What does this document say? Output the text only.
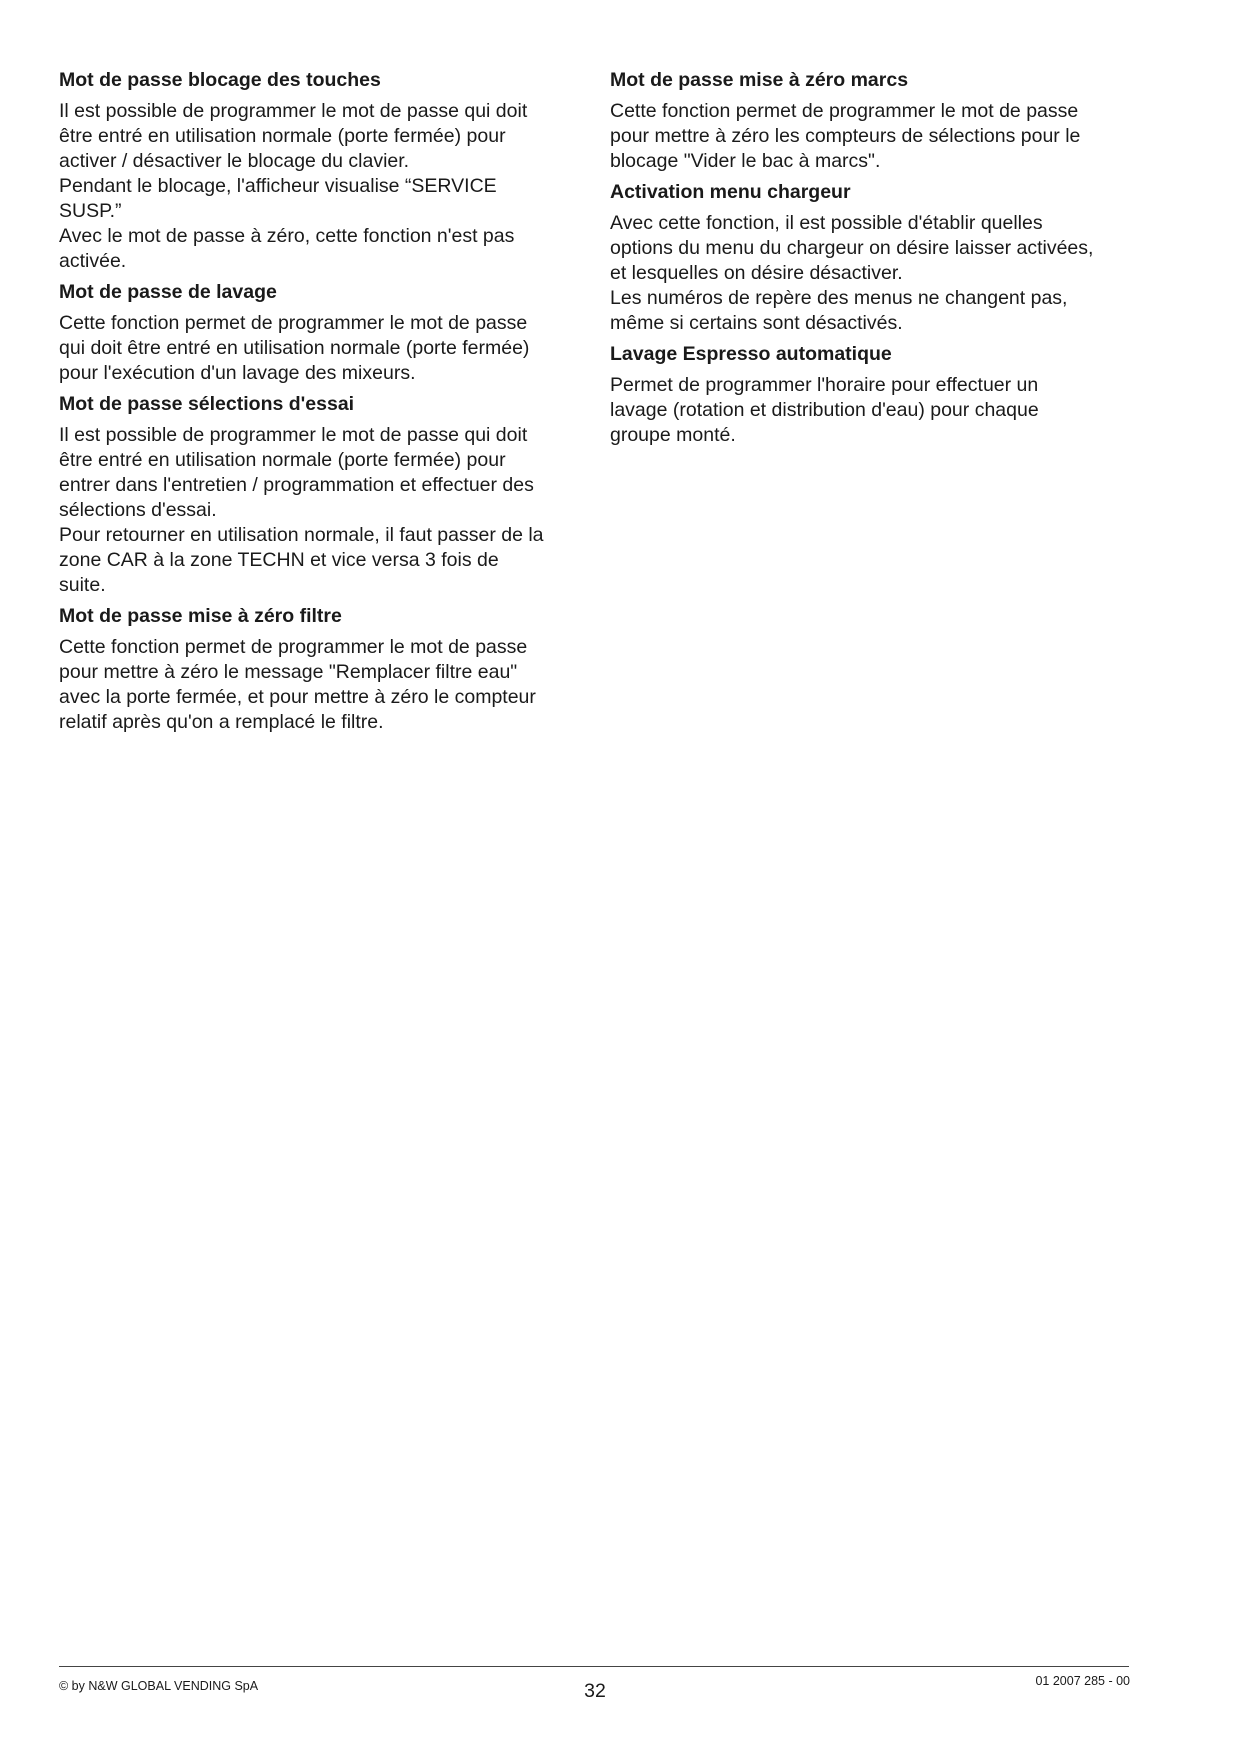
Mot de passe blocage des touches

Il est possible de programmer le mot de passe qui doit

être entré en utilisation normale (porte fermée) pour

activer / désactiver le blocage du clavier.

Pendant le blocage, l'afficheur visualise “SERVICE

SUSP.”

Avec le mot de passe à zéro, cette fonction n'est pas

activée.

Mot de passe de lavage

Cette fonction permet de programmer le mot de passe

qui doit être entré en utilisation normale (porte fermée)

pour l'exécution d'un lavage des mixeurs.

Mot de passe sélections d'essai

Il est possible de programmer le mot de passe qui doit

être entré en utilisation normale (porte fermée) pour

entrer dans l'entretien / programmation et effectuer des

sélections d'essai.

Pour retourner en utilisation normale, il faut passer de la

zone CAR à la zone TECHN et vice versa 3 fois de

suite.

Mot de passe mise à zéro filtre

Cette fonction permet de programmer le mot de passe

pour mettre à zéro le message "Remplacer filtre eau"

avec la porte fermée, et pour mettre à zéro le compteur

relatif après qu'on a remplacé le filtre.

Mot de passe mise à zéro marcs

Cette fonction permet de programmer le mot de passe

pour mettre à zéro les compteurs de sélections pour le

blocage "Vider le bac à marcs".

Activation menu chargeur

Avec cette fonction, il est possible d'établir quelles

options du menu du chargeur on désire laisser activées,

et lesquelles on désire désactiver.

Les numéros de repère des menus ne changent pas,

même si certains sont désactivés.

Lavage Espresso automatique

Permet de programmer l'horaire pour effectuer un

lavage (rotation et distribution d'eau) pour chaque

groupe monté.

© by N&W GLOBAL VENDING SpA	32	01 2007 285 - 00
